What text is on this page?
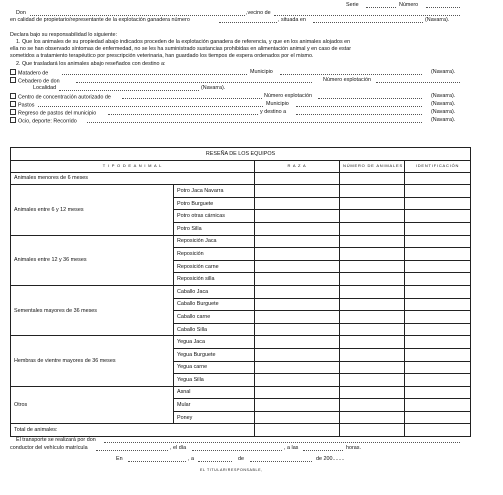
Serie	Número
Don	,vecino de
en calidad de propietario/representante de la explotación ganadera número	, situada en	(Navarra).
Declara bajo su responsabilidad lo siguiente:
1. Que los animales de su propiedad abajo indicados proceden de la explotación ganadera de referencia, y que en los animales alojados en
ella no se han observado síntomas de enfermedad, no se les ha suministrado sustancias prohibidas en alimentación animal y en caso de estar
sometidos a tratamiento terapéutico por prescripción veterinaria, han guardado los tiempos de espera ordenados por el mismo.
2. Que trasladará los animales abajo reseñados con destino a:
Matadero de	Municipio	(Navarra).
Cebadero de don	Número explotación
Localidad	(Navarra).
Centro de concentración autorizado de	Número explotación	(Navarra).
Pastos	Municipio	(Navarra).
Regreso de pastos del municipio	y destino a	(Navarra).
Ocio, deporte: Recorrido	(Navarra).
RESEÑA DE LOS EQUIPOS				
T I P O D E A N I M A L		R A Z A	NÚMERO DE ANIMALES	IDENTIFICACIÓN
Animales menores de 6 meses				
Animales entre 6 y 12 meses	Potro Jaca Navarra			
	Potro Burguete			
	Potro otras cárnicas			
	Potro Silla			
Animales entre 12 y 36 meses	Reposición Jaca			
	Reposición			
	Reposición carne			
	Reposición silla			
Sementales mayores de 36 meses	Caballo Jaca			
	Caballo Burguete			
	Caballo carne			
	Caballo Silla			
Hembras de vientre mayores de 36 meses	Yegua Jaca			
	Yegua Burguete			
	Yegua carne			
	Yegua Silla			
Otros	Asnal			
	Mular			
	Poney			
Total de animales:				
El transporte se realizará por don
conductor del vehículo matrícula	, el día	, a las	horas.
En	, a	de	de 200........
EL TITULAR/RESPONSABLE,
